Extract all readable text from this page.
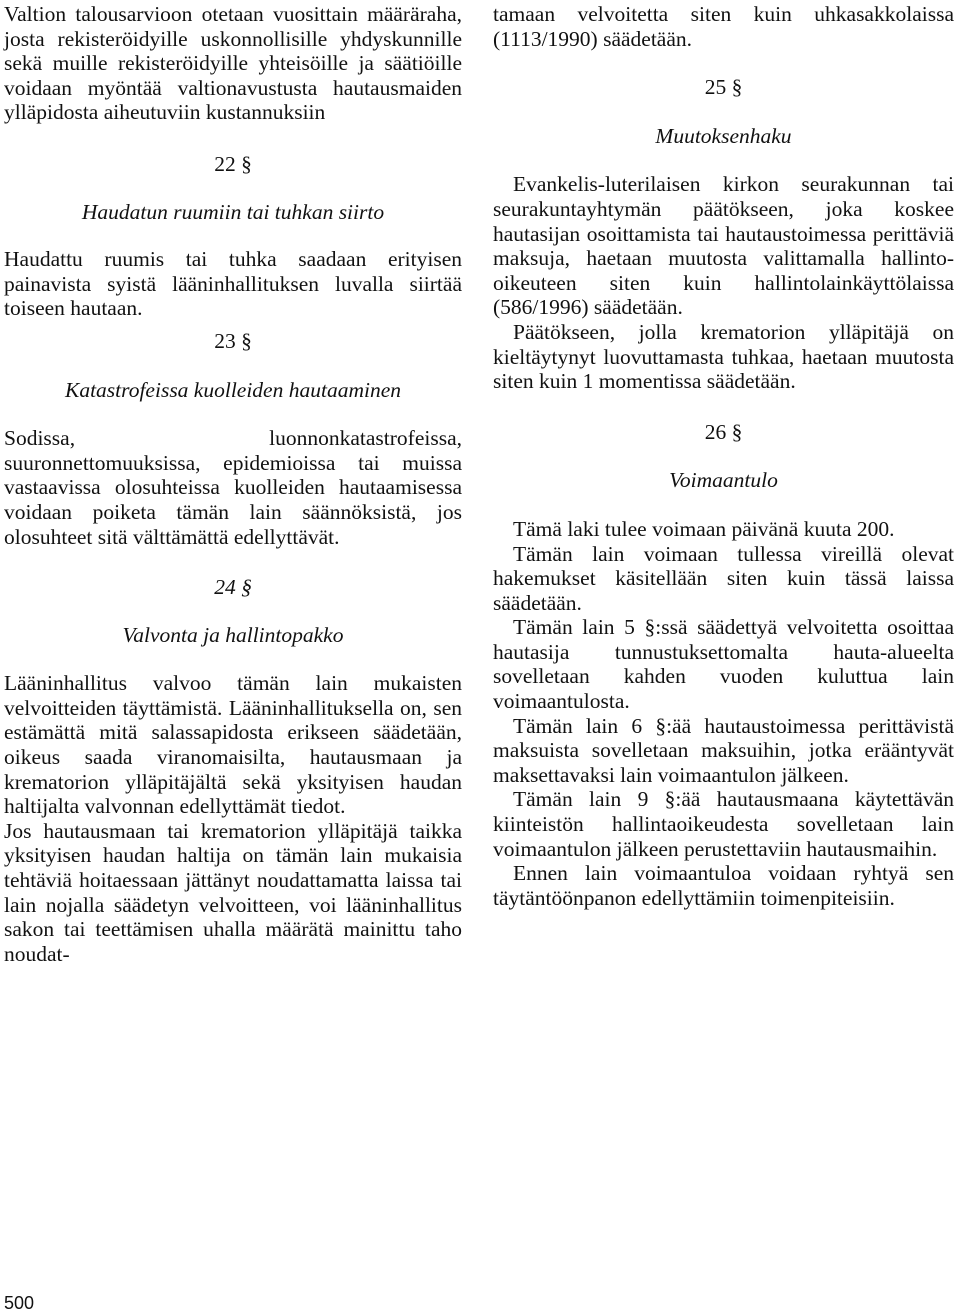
Valtion talousarvioon otetaan vuosittain määräraha, josta rekisteröidyille uskonnollisille yhdyskunnille sekä muille rekisteröidyille yhteisöille ja säätiöille voidaan myöntää valtionavustusta hautausmaiden ylläpidosta aiheutuviin kustannuksiin

22 §

Haudatun ruumiin tai tuhkan siirto

Haudattu ruumis tai tuhka saadaan erityisen painavista syistä lääninhallituksen luvalla siirtää toiseen hautaan.

23 §

Katastrofeissa kuolleiden hautaaminen

Sodissa, luonnonkatastrofeissa, suuronnettomuuksissa, epidemioissa tai muissa vastaavissa olosuhteissa kuolleiden hautaamisessa voidaan poiketa tämän lain säännöksistä, jos olosuhteet sitä välttämättä edellyttävät.

24 §

Valvonta ja hallintopakko

Lääninhallitus valvoo tämän lain mukaisten velvoitteiden täyttämistä. Lääninhallituksella on, sen estämättä mitä salassapidosta erikseen säädetään, oikeus saada viranomaisilta, hautausmaan ja krematorion ylläpitäjältä sekä yksityisen haudan haltijalta valvonnan edellyttämät tiedot.

Jos hautausmaan tai krematorion ylläpitäjä taikka yksityisen haudan haltija on tämän lain mukaisia tehtäviä hoitaessaan jättänyt noudattamatta laissa tai lain nojalla säädetyn velvoitteen, voi lääninhallitus sakon tai teettämisen uhalla määrätä mainittu taho noudat-

tamaan velvoitetta siten kuin uhkasakkolaissa (1113/1990) säädetään.

25 §

Muutoksenhaku

Evankelis-luterilaisen kirkon seurakunnan tai seurakuntayhtymän päätökseen, joka koskee hautasijan osoittamista tai hautaustoimessa perittäviä maksuja, haetaan muutosta valittamalla hallinto-oikeuteen siten kuin hallintolainkäyttölaissa (586/1996) säädetään.

Päätökseen, jolla krematorion ylläpitäjä on kieltäytynyt luovuttamasta tuhkaa, haetaan muutosta siten kuin 1 momentissa säädetään.

26 §

Voimaantulo

Tämä laki tulee voimaan päivänä kuuta 200.

Tämän lain voimaan tullessa vireillä olevat hakemukset käsitellään siten kuin tässä laissa säädetään.

Tämän lain 5 §:ssä säädettyä velvoitetta osoittaa hautasija tunnustuksettomalta hauta-alueelta sovelletaan kahden vuoden kuluttua lain voimaantulosta.

Tämän lain 6 §:ää hautaustoimessa perittävistä maksuista sovelletaan maksuihin, jotka erääntyvät maksettavaksi lain voimaantulon jälkeen.

Tämän lain 9 §:ää hautausmaana käytettävän kiinteistön hallintaoikeudesta sovelletaan lain voimaantulon jälkeen perustettaviin hautausmaihin.

Ennen lain voimaantuloa voidaan ryhtyä sen täytäntöönpanon edellyttämiin toimenpiteisiin.

500
